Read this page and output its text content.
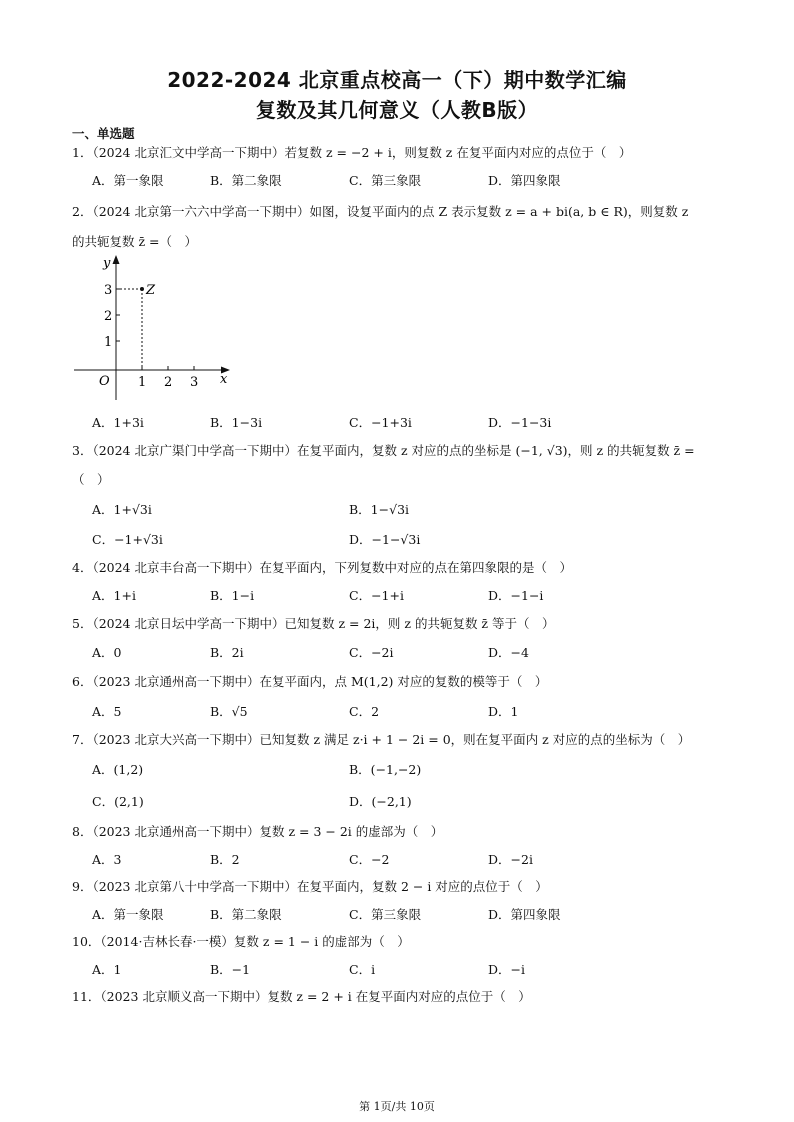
2022-2024 北京重点校高一（下）期中数学汇编
复数及其几何意义（人教B版）
一、单选题
1．（2024 北京汇文中学高一下期中）若复数 z = −2 + i，则复数 z 在复平面内对应的点位于（　）
A．第一象限	B．第二象限	C．第三象限	D．第四象限
2．（2024 北京第一六六中学高一下期中）如图，设复平面内的点 Z 表示复数 z = a + bi(a, b ∈ R)，则复数 z
的共轭复数 z̄ =（　）
y
x
O
Z
1 2 3
1
2
3
A．1+3i	B．1−3i	C．−1+3i	D．−1−3i
3．（2024 北京广渠门中学高一下期中）在复平面内，复数 z 对应的点的坐标是 (−1, √3)，则 z 的共轭复数 z̄ =
（　）
A．1+√3i	B．1−√3i
C．−1+√3i	D．−1−√3i
4．（2024 北京丰台高一下期中）在复平面内，下列复数中对应的点在第四象限的是（　）
A．1+i	B．1−i	C．−1+i	D．−1−i
5．（2024 北京日坛中学高一下期中）已知复数 z = 2i，则 z 的共轭复数 z̄ 等于（　）
A．0	B．2i	C．−2i	D．−4
6．（2023 北京通州高一下期中）在复平面内，点 M(1,2) 对应的复数的模等于（　）
A．5	B．√5	C．2	D．1
7．（2023 北京大兴高一下期中）已知复数 z 满足 z·i + 1 − 2i = 0，则在复平面内 z 对应的点的坐标为（　）
A．(1,2)	B．(−1,−2)
C．(2,1)	D．(−2,1)
8．（2023 北京通州高一下期中）复数 z = 3 − 2i 的虚部为（　）
A．3	B．2	C．−2	D．−2i
9．（2023 北京第八十中学高一下期中）在复平面内，复数 2 − i 对应的点位于（　）
A．第一象限	B．第二象限	C．第三象限	D．第四象限
10．（2014·吉林长春·一模）复数 z = 1 − i 的虚部为（　）
A．1	B．−1	C．i	D．−i
11．（2023 北京顺义高一下期中）复数 z = 2 + i 在复平面内对应的点位于（　）
第 1页/共 10页
